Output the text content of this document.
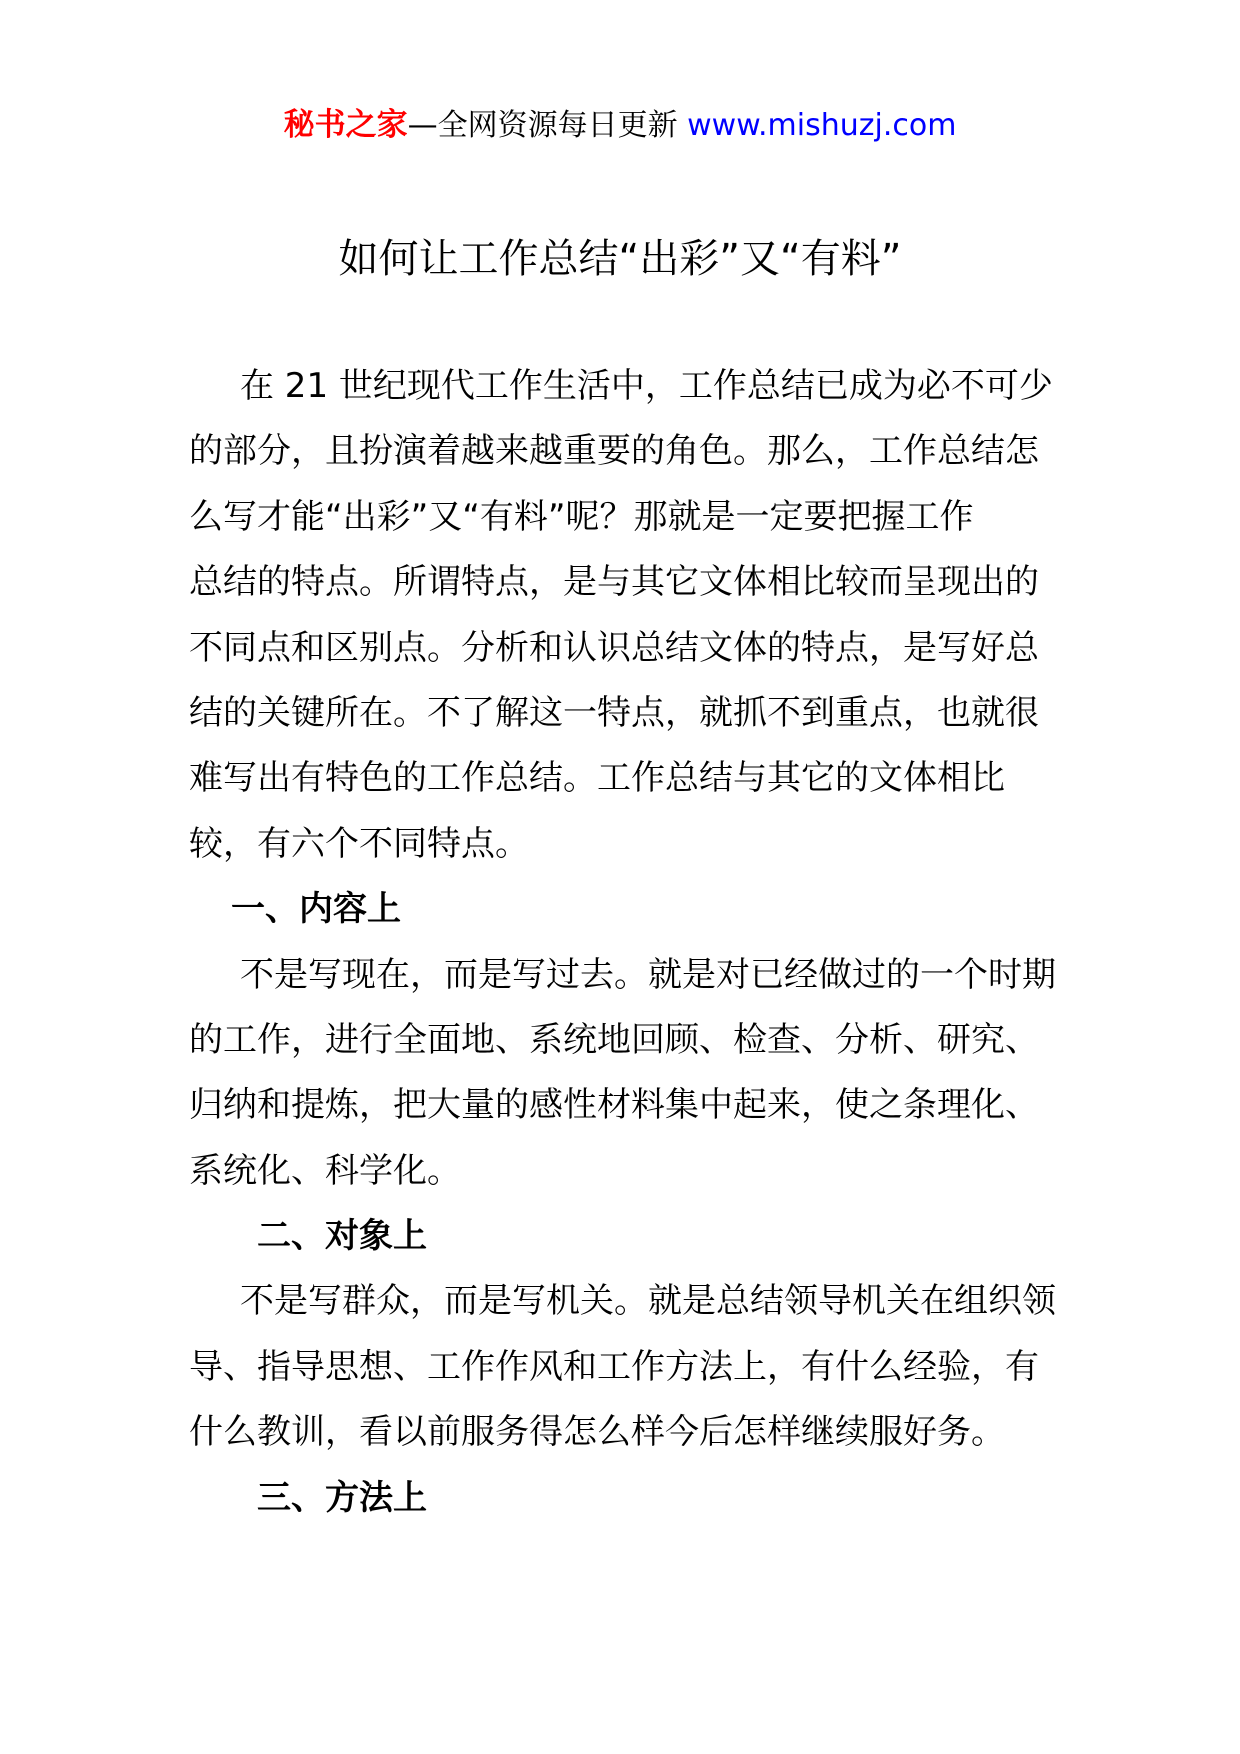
秘书之家—全网资源每日更新 www.mishuzj.com
如何让工作总结“出彩”又“有料”
在 21 世纪现代工作生活中，工作总结已成为必不可少
的部分，且扮演着越来越重要的角色。那么，工作总结怎
么写才能“出彩”又“有料”呢？那就是一定要把握工作
总结的特点。所谓特点，是与其它文体相比较而呈现出的
不同点和区别点。分析和认识总结文体的特点，是写好总
结的关键所在。不了解这一特点，就抓不到重点，也就很
难写出有特色的工作总结。工作总结与其它的文体相比
较，有六个不同特点。
一、内容上
不是写现在，而是写过去。就是对已经做过的一个时期
的工作，进行全面地、系统地回顾、检查、分析、研究、
归纳和提炼，把大量的感性材料集中起来，使之条理化、
系统化、科学化。
二、对象上
不是写群众，而是写机关。就是总结领导机关在组织领
导、指导思想、工作作风和工作方法上，有什么经验，有
什么教训，看以前服务得怎么样今后怎样继续服好务。
三、方法上
